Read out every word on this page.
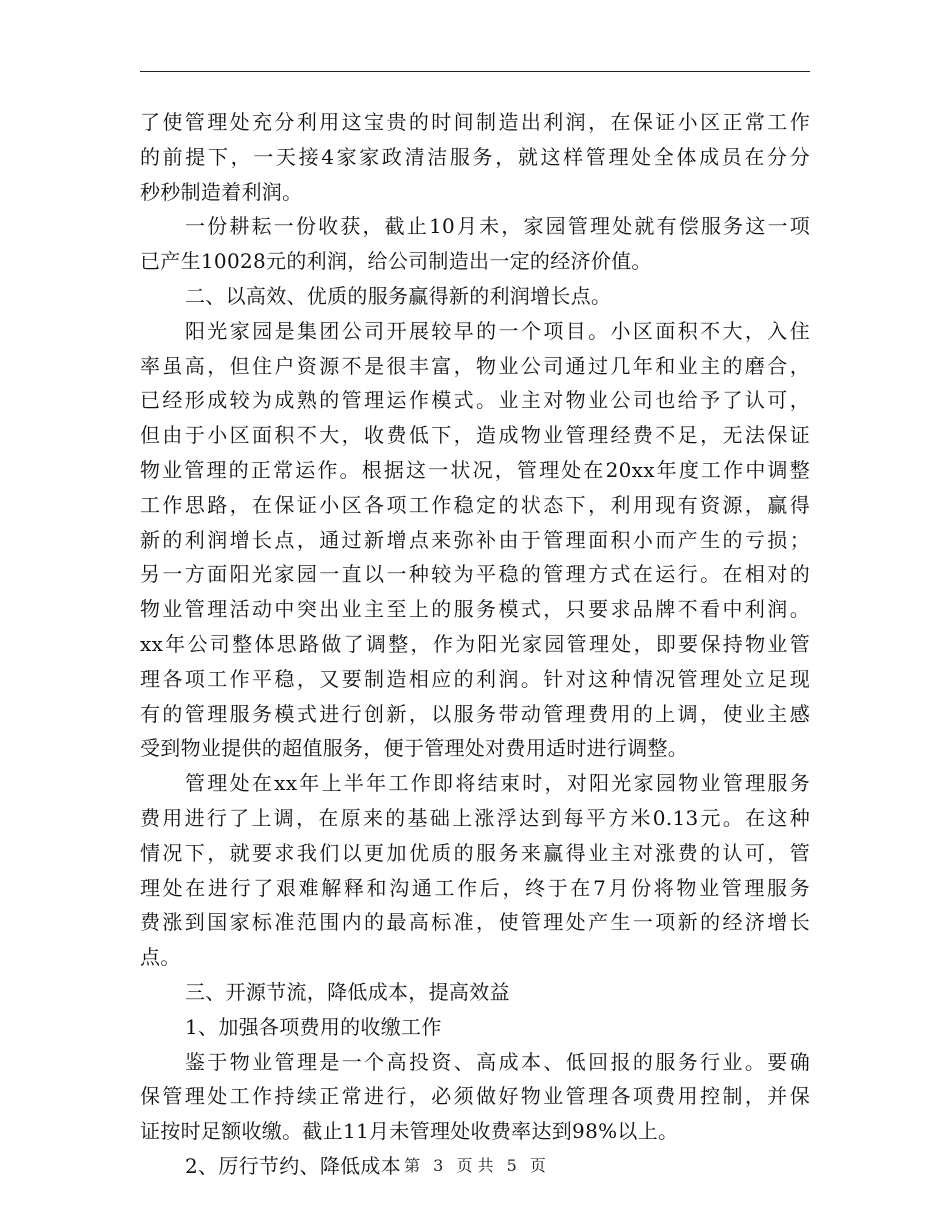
了使管理处充分利用这宝贵的时间制造出利润，在保证小区正常工作
的前提下，一天接4家家政清洁服务，就这样管理处全体成员在分分
秒秒制造着利润。
一份耕耘一份收获，截止10月未，家园管理处就有偿服务这一项
已产生10028元的利润，给公司制造出一定的经济价值。
二、以高效、优质的服务赢得新的利润增长点。
阳光家园是集团公司开展较早的一个项目。小区面积不大，入住
率虽高，但住户资源不是很丰富，物业公司通过几年和业主的磨合，
已经形成较为成熟的管理运作模式。业主对物业公司也给予了认可，
但由于小区面积不大，收费低下，造成物业管理经费不足，无法保证
物业管理的正常运作。根据这一状况，管理处在20xx年度工作中调整
工作思路，在保证小区各项工作稳定的状态下，利用现有资源，赢得
新的利润增长点，通过新增点来弥补由于管理面积小而产生的亏损；
另一方面阳光家园一直以一种较为平稳的管理方式在运行。在相对的
物业管理活动中突出业主至上的服务模式，只要求品牌不看中利润。
xx年公司整体思路做了调整，作为阳光家园管理处，即要保持物业管
理各项工作平稳，又要制造相应的利润。针对这种情况管理处立足现
有的管理服务模式进行创新，以服务带动管理费用的上调，使业主感
受到物业提供的超值服务，便于管理处对费用适时进行调整。
管理处在xx年上半年工作即将结束时，对阳光家园物业管理服务
费用进行了上调，在原来的基础上涨浮达到每平方米0.13元。在这种
情况下，就要求我们以更加优质的服务来赢得业主对涨费的认可，管
理处在进行了艰难解释和沟通工作后，终于在7月份将物业管理服务
费涨到国家标准范围内的最高标准，使管理处产生一项新的经济增长
点。
三、开源节流，降低成本，提高效益
1、加强各项费用的收缴工作
鉴于物业管理是一个高投资、高成本、低回报的服务行业。要确
保管理处工作持续正常进行，必须做好物业管理各项费用控制，并保
证按时足额收缴。截止11月未管理处收费率达到98%以上。
2、厉行节约、降低成本 第 3 页 共 5 页
